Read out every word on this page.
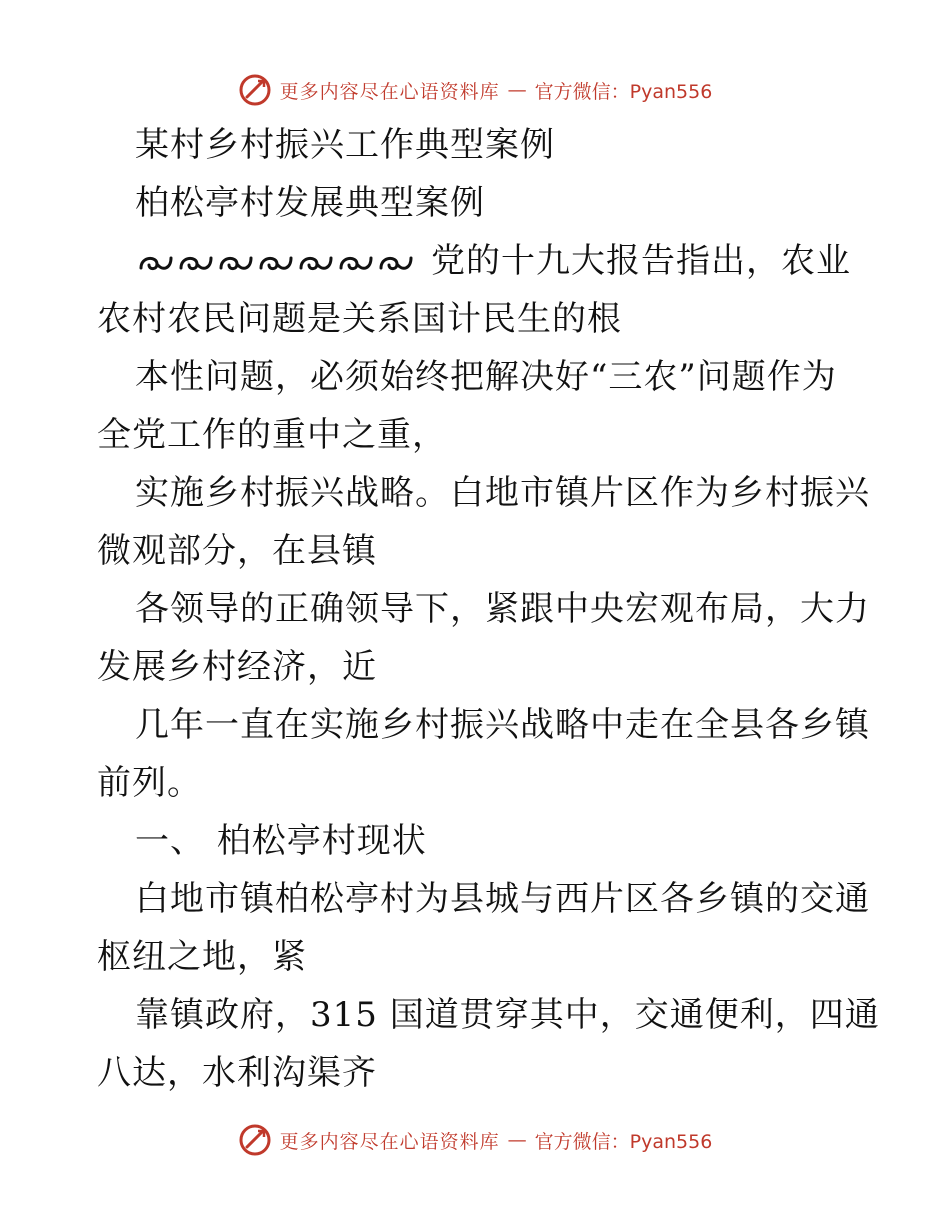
更多内容尽在心语资料库 — 官方微信：Pyan556
某村乡村振兴工作典型案例
柏松亭村发展典型案例
党的十九大报告指出，农业
农村农民问题是关系国计民生的根
本性问题，必须始终把解决好“三农”问题作为
全党工作的重中之重，
实施乡村振兴战略。白地市镇片区作为乡村振兴
微观部分，在县镇
各领导的正确领导下，紧跟中央宏观布局，大力
发展乡村经济，近
几年一直在实施乡村振兴战略中走在全县各乡镇
前列。
一、 柏松亭村现状
白地市镇柏松亭村为县城与西片区各乡镇的交通
枢纽之地，紧
靠镇政府，315 国道贯穿其中，交通便利，四通
八达，水利沟渠齐
更多内容尽在心语资料库 — 官方微信：Pyan556
